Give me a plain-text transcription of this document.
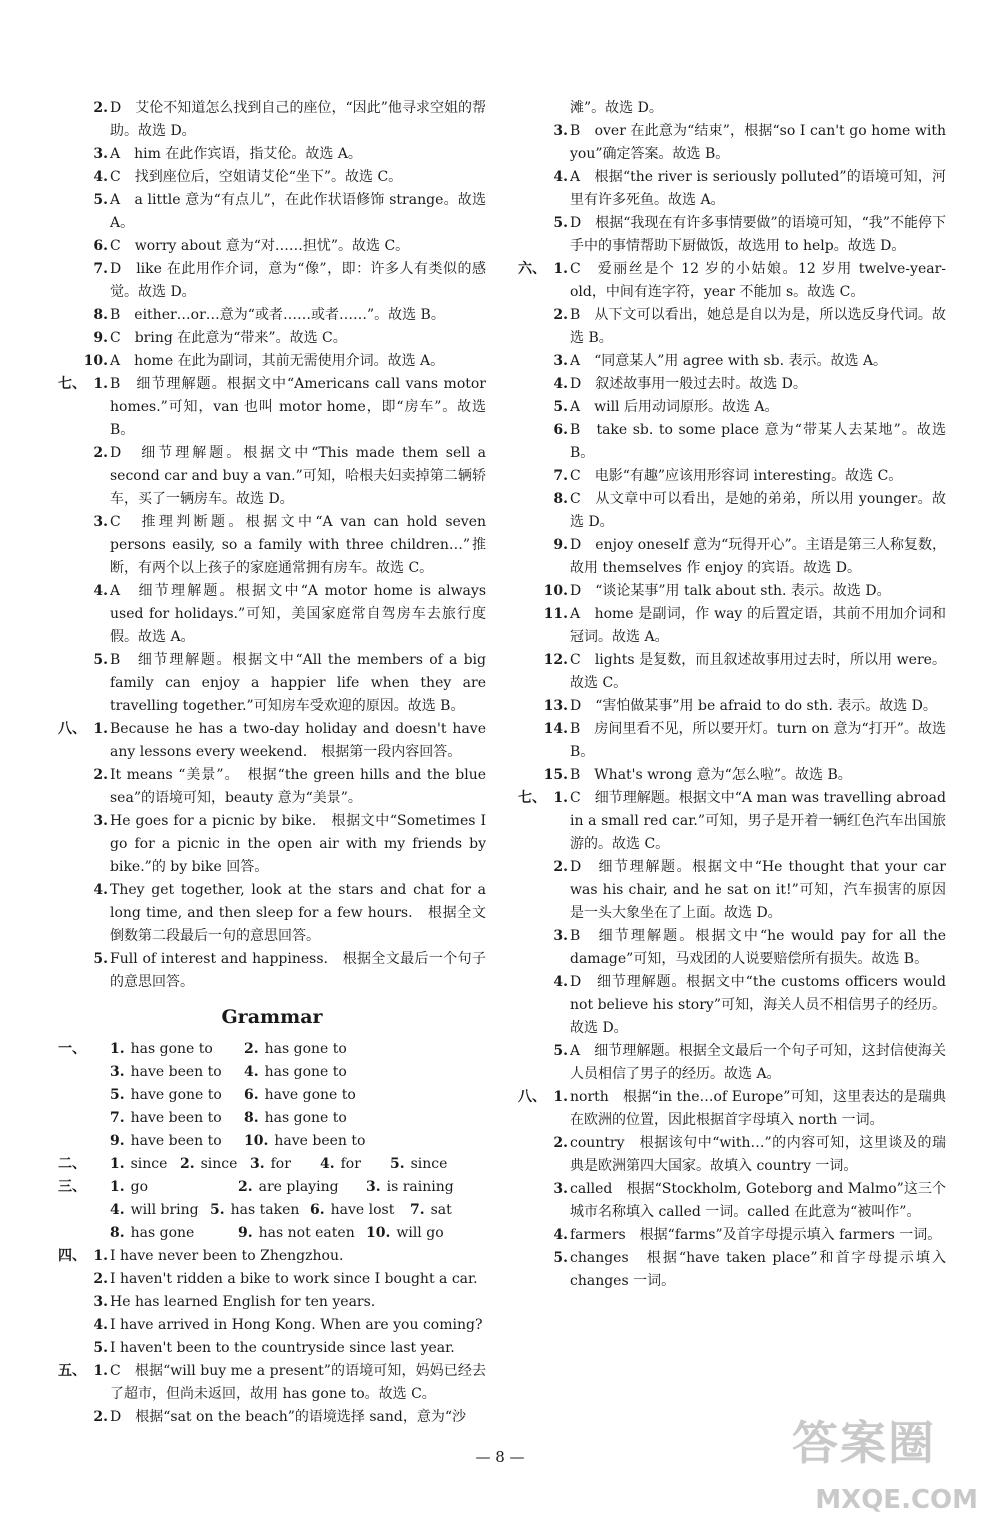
2. D　艾伦不知道怎么找到自己的座位，“因此”他寻求空姐的帮助。故选 D。
3. A　him 在此作宾语，指艾伦。故选 A。
4. C　找到座位后，空姐请艾伦“坐下”。故选 C。
5. A　a little 意为“有点儿”，在此作状语修饰 strange。故选 A。
6. C　worry about 意为“对……担忧”。故选 C。
7. D　like 在此用作介词，意为“像”，即：许多人有类似的感觉。故选 D。
8. B　either…or…意为“或者……或者……”。故选 B。
9. C　bring 在此意为“带来”。故选 C。
10. A　home 在此为副词，其前无需使用介词。故选 A。
七、 1. B　细节理解题。根据文中“Americans call vans motor homes.”可知，van 也叫 motor home，即“房车”。故选 B。
2. D　细节理解题。根据文中“This made them sell a second car and buy a van.”可知，哈根夫妇卖掉第二辆轿车，买了一辆房车。故选 D。
3. C　推理判断题。根据文中“A van can hold seven persons easily, so a family with three children…”推断，有两个以上孩子的家庭通常拥有房车。故选 C。
4. A　细节理解题。根据文中“A motor home is always used for holidays.”可知，美国家庭常自驾房车去旅行度假。故选 A。
5. B　细节理解题。根据文中“All the members of a big family can enjoy a happier life when they are travelling together.”可知房车受欢迎的原因。故选 B。
八、 1. Because he has a two-day holiday and doesn't have any lessons every weekend.　根据第一段内容回答。
2. It means “美景”。　根据“the green hills and the blue sea”的语境可知，beauty 意为“美景”。
3. He goes for a picnic by bike.　根据文中“Sometimes I go for a picnic in the open air with my friends by bike.”的 by bike 回答。
4. They get together, look at the stars and chat for a long time, and then sleep for a few hours.　根据全文倒数第二段最后一句的意思回答。
5. Full of interest and happiness.　根据全文最后一个句子的意思回答。
Grammar
一、 1. has gone to 2. has gone to
3. have been to 4. has gone to
5. have gone to 6. have gone to
7. have been to 8. has gone to
9. have been to 10. have been to
二、 1. since 2. since 3. for 4. for 5. since
三、 1. go	2. are playing 3. is raining
4. will bring 5. has taken 6. have lost 7. sat
8. has gone	9. has not eaten 10. will go
四、 1. I have never been to Zhengzhou.
2. I haven't ridden a bike to work since I bought a car.
3. He has learned English for ten years.
4. I have arrived in Hong Kong. When are you coming?
5. I haven't been to the countryside since last year.
五、 1. C　根据“will buy me a present”的语境可知，妈妈已经去了超市，但尚未返回，故用 has gone to。故选 C。
2. D　根据“sat on the beach”的语境选择 sand，意为“沙
滩”。故选 D。
3. B　over 在此意为“结束”，根据“so I can't go home with you”确定答案。故选 B。
4. A　根据“the river is seriously polluted”的语境可知，河里有许多死鱼。故选 A。
5. D　根据“我现在有许多事情要做”的语境可知，“我”不能停下手中的事情帮助下厨做饭，故选用 to help。故选 D。
六、 1. C　爱丽丝是个 12 岁的小姑娘。12 岁用 twelve-year-old，中间有连字符，year 不能加 s。故选 C。
2. B　从下文可以看出，她总是自以为是，所以选反身代词。故选 B。
3. A　“同意某人”用 agree with sb. 表示。故选 A。
4. D　叙述故事用一般过去时。故选 D。
5. A　will 后用动词原形。故选 A。
6. B　take sb. to some place 意为“带某人去某地”。故选 B。
7. C　电影“有趣”应该用形容词 interesting。故选 C。
8. C　从文章中可以看出，是她的弟弟，所以用 younger。故选 D。
9. D　enjoy oneself 意为“玩得开心”。主语是第三人称复数，故用 themselves 作 enjoy 的宾语。故选 D。
10. D　“谈论某事”用 talk about sth. 表示。故选 D。
11. A　home 是副词，作 way 的后置定语，其前不用加介词和冠词。故选 A。
12. C　lights 是复数，而且叙述故事用过去时，所以用 were。故选 C。
13. D　“害怕做某事”用 be afraid to do sth. 表示。故选 D。
14. B　房间里看不见，所以要开灯。turn on 意为“打开”。故选 B。
15. B　What's wrong 意为“怎么啦”。故选 B。
七、 1. C　细节理解题。根据文中“A man was travelling abroad in a small red car.”可知，男子是开着一辆红色汽车出国旅游的。故选 C。
2. D　细节理解题。根据文中“He thought that your car was his chair, and he sat on it!”可知，汽车损害的原因是一头大象坐在了上面。故选 D。
3. B　细节理解题。根据文中“he would pay for all the damage”可知，马戏团的人说要赔偿所有损失。故选 B。
4. D　细节理解题。根据文中“the customs officers would not believe his story”可知，海关人员不相信男子的经历。故选 D。
5. A　细节理解题。根据全文最后一个句子可知，这封信使海关人员相信了男子的经历。故选 A。
八、 1. north　根据“in the…of Europe”可知，这里表达的是瑞典在欧洲的位置，因此根据首字母填入 north 一词。
2. country　根据该句中“with…”的内容可知，这里谈及的瑞典是欧洲第四大国家。故填入 country 一词。
3. called　根据“Stockholm, Goteborg and Malmo”这三个城市名称填入 called 一词。called 在此意为“被叫作”。
4. farmers　根据“farms”及首字母提示填入 farmers 一词。
5. changes　根据“have taken place”和首字母提示填入 changes 一词。
— 8 —	答案圈
MXQE.COM
